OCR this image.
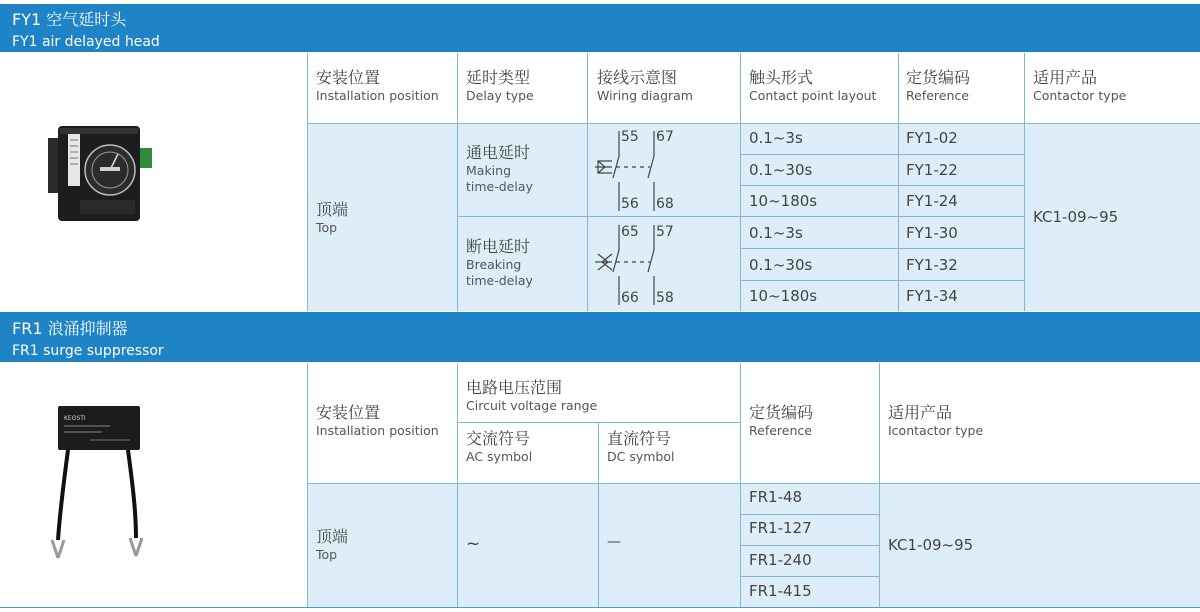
FY1 空气延时头
FY1 air delayed head
安装位置
Installation position
延时类型
Delay type
接线示意图
Wiring diagram
触头形式
Contact point layout
定货编码
Reference
适用产品
Contactor type
顶端
Top
通电延时
Making
time-delay
断电延时
Breaking
time-delay
55 67
56 68
65 57
66 58
0.1~3s
0.1~30s
10~180s
0.1~3s
0.1~30s
10~180s
FY1-02
FY1-22
FY1-24
FY1-30
FY1-32
FY1-34
KC1-09~95
FR1 浪涌抑制器
FR1 surge suppressor
KEOSTI	安装位置
Installation position
电路电压范围
Circuit voltage range
交流符号
AC symbol
直流符号
DC symbol
定货编码
Reference
适用产品
Icontactor type
顶端
Top
~	—
FR1-48
FR1-127
FR1-240
FR1-415
KC1-09~95
